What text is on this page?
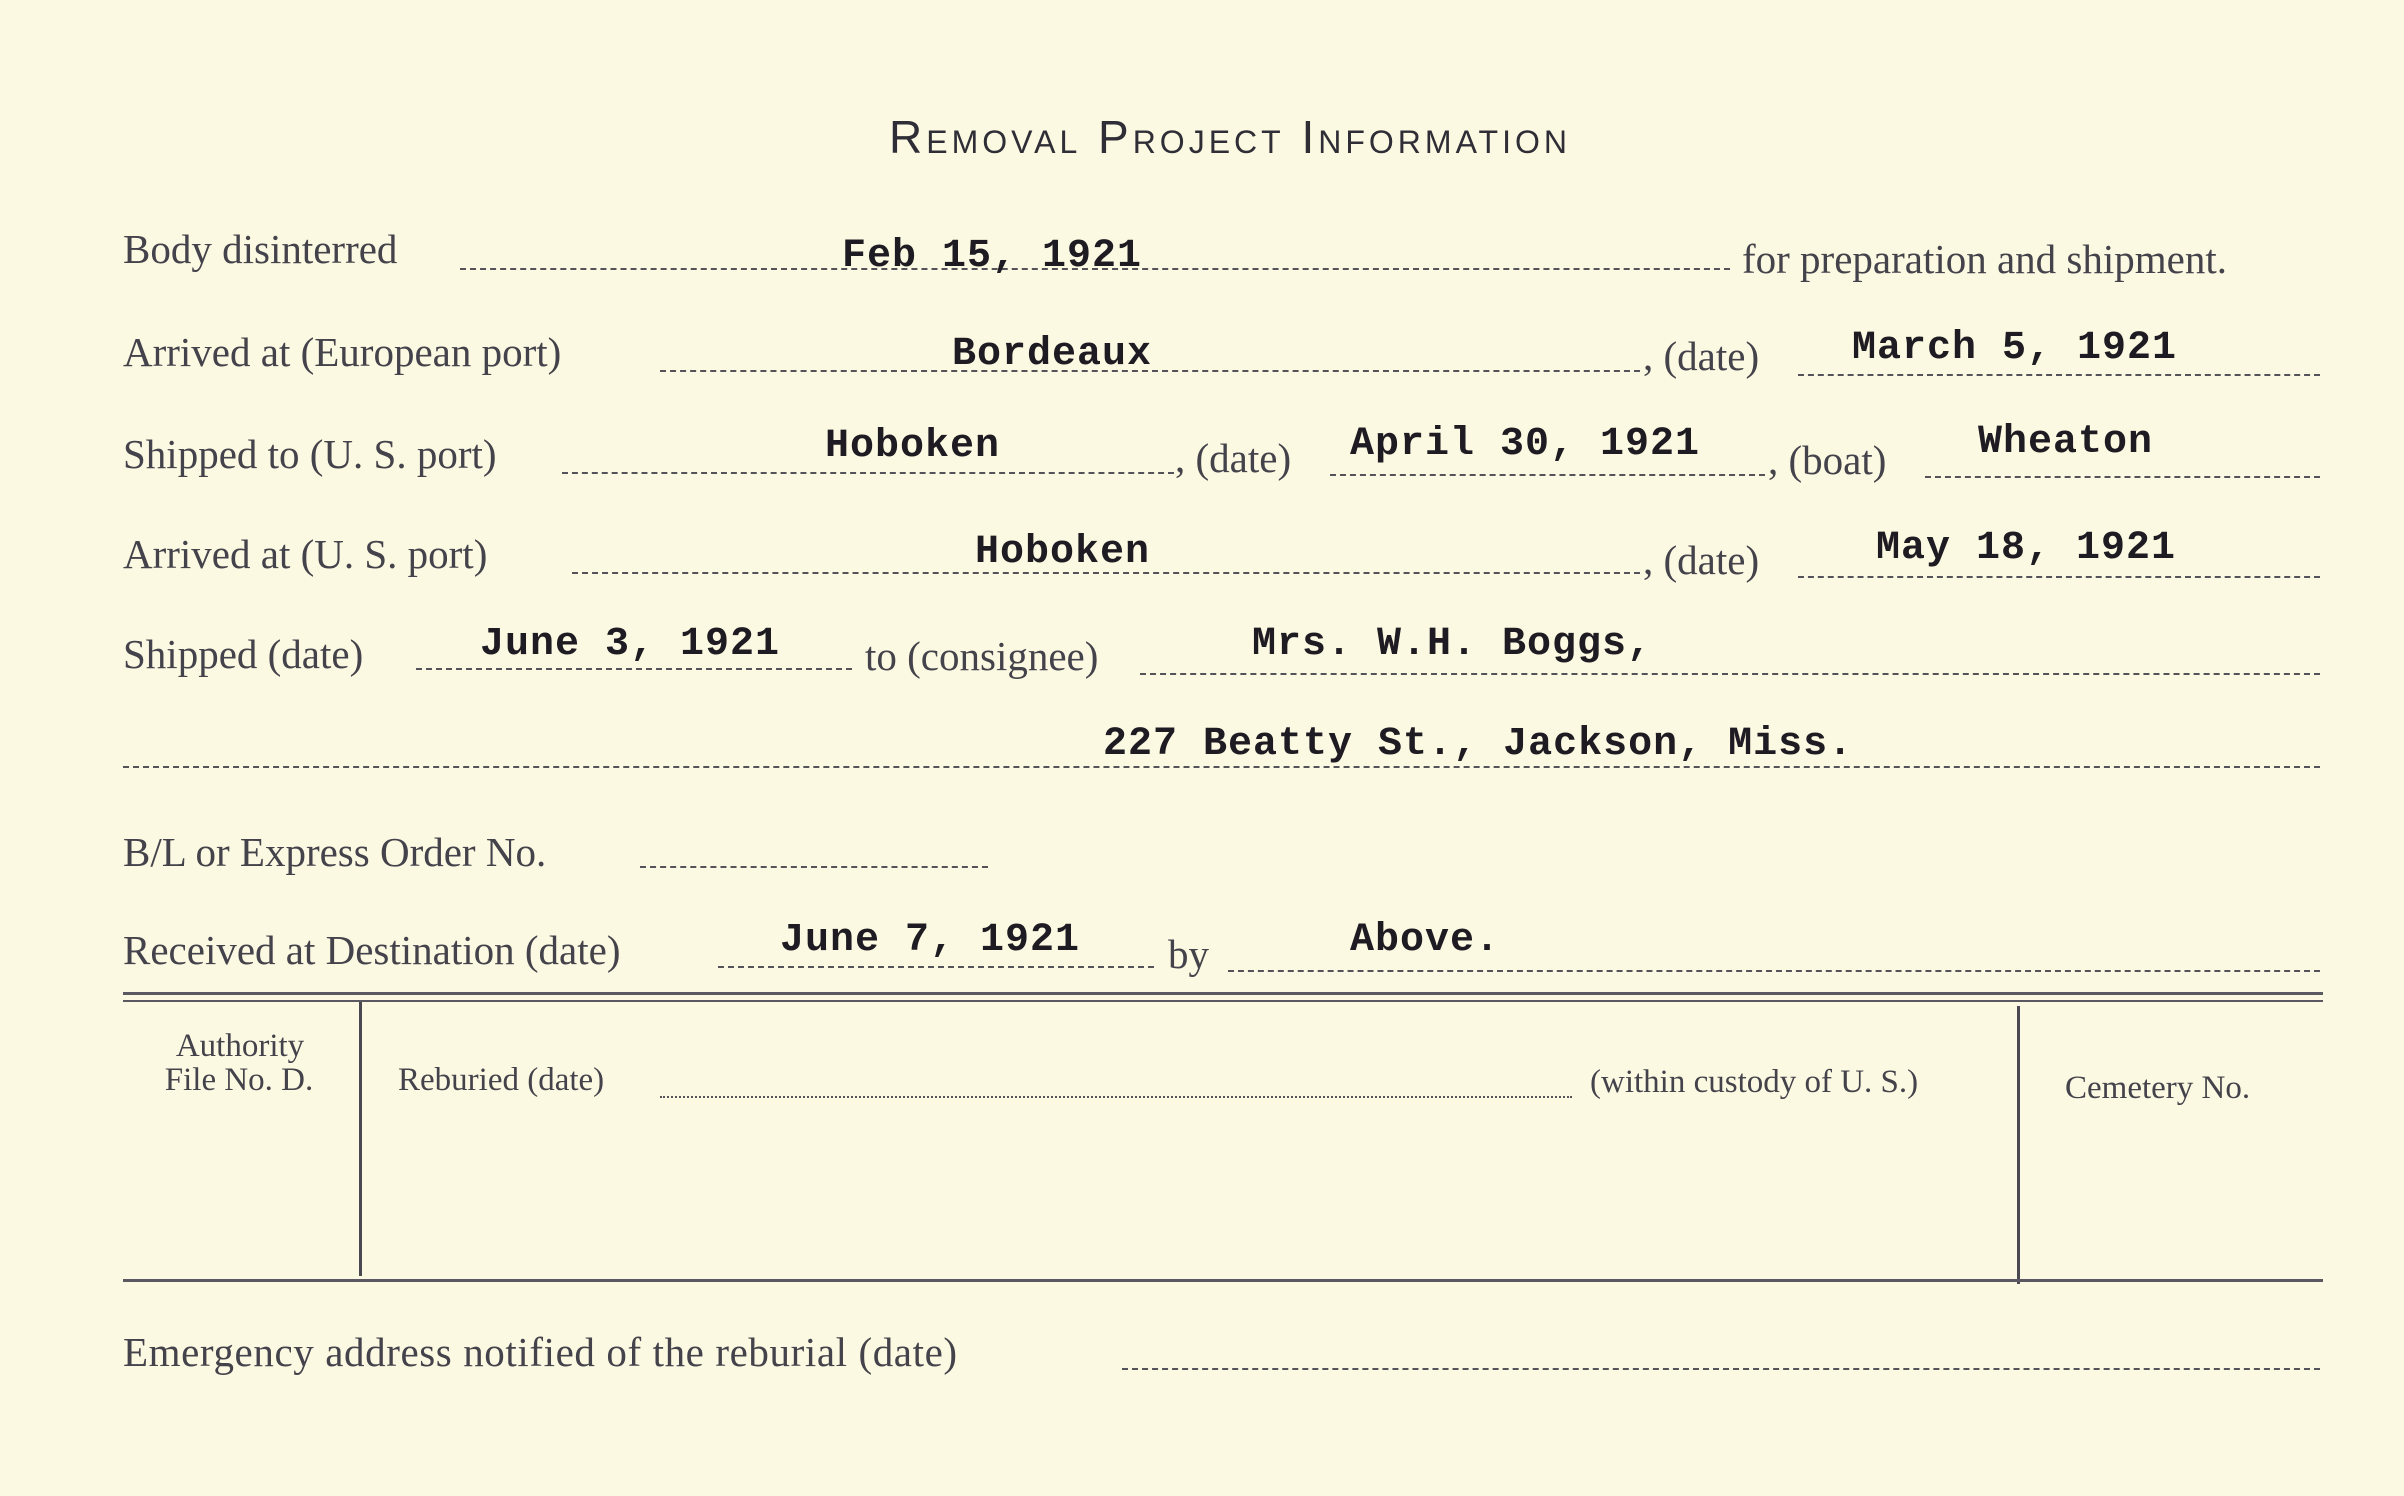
Removal Project Information
Body disinterred	Feb 15, 1921	for preparation and shipment.
Arrived at (European port)	Bordeaux	, (date) March 5, 1921
Shipped to (U. S. port)	Hoboken	, (date) April 30, 1921 , (boat) Wheaton
Arrived at (U. S. port)	Hoboken	, (date)	May 18, 1921
Shipped (date)	June 3, 1921 to (consignee)	Mrs. W.H. Boggs,
227 Beatty St., Jackson, Miss.
B/L or Express Order No.
Received at Destination (date)	June 7, 1921 by	Above.
Authority
File No. D.	Reburied (date)	(within custody of U. S.)	Cemetery No.
Emergency address notified of the reburial (date)
